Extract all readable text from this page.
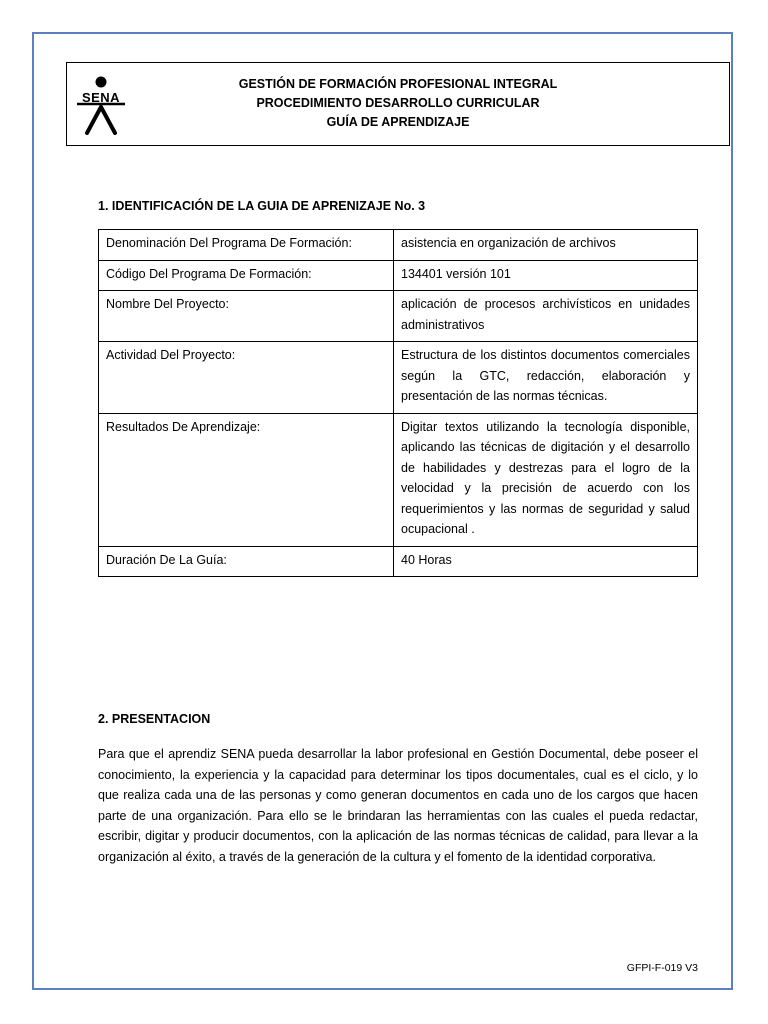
SENA
GESTIÓN DE FORMACIÓN PROFESIONAL INTEGRAL
PROCEDIMIENTO DESARROLLO CURRICULAR
GUÍA DE APRENDIZAJE
1. IDENTIFICACIÓN DE LA GUIA DE APRENIZAJE No. 3
Denominación Del Programa De Formación:	asistencia en organización de archivos
Código Del Programa De Formación:	134401 versión 101
Nombre Del Proyecto:	aplicación de procesos archivísticos en unidades administrativos
Actividad Del Proyecto:	Estructura de los distintos documentos comerciales según la GTC, redacción, elaboración y presentación de las normas técnicas.
Resultados De Aprendizaje:	Digitar textos utilizando la tecnología disponible, aplicando las técnicas de digitación y el desarrollo de habilidades y destrezas para el logro de la velocidad y la precisión de acuerdo con los requerimientos y las normas de seguridad y salud ocupacional .
Duración De La Guía:	40 Horas
2. PRESENTACION
Para que el aprendiz SENA pueda desarrollar la labor profesional en Gestión Documental, debe poseer el conocimiento, la experiencia y la capacidad para determinar los tipos documentales, cual es el ciclo, y lo que realiza cada una de las personas y como generan documentos en cada uno de los cargos que hacen parte de una organización. Para ello se le brindaran las herramientas con las cuales el pueda redactar, escribir, digitar y producir documentos, con la aplicación de las normas técnicas de calidad, para llevar a la organización al éxito, a través de la generación de la cultura y el fomento de la identidad corporativa.
GFPI-F-019 V3
